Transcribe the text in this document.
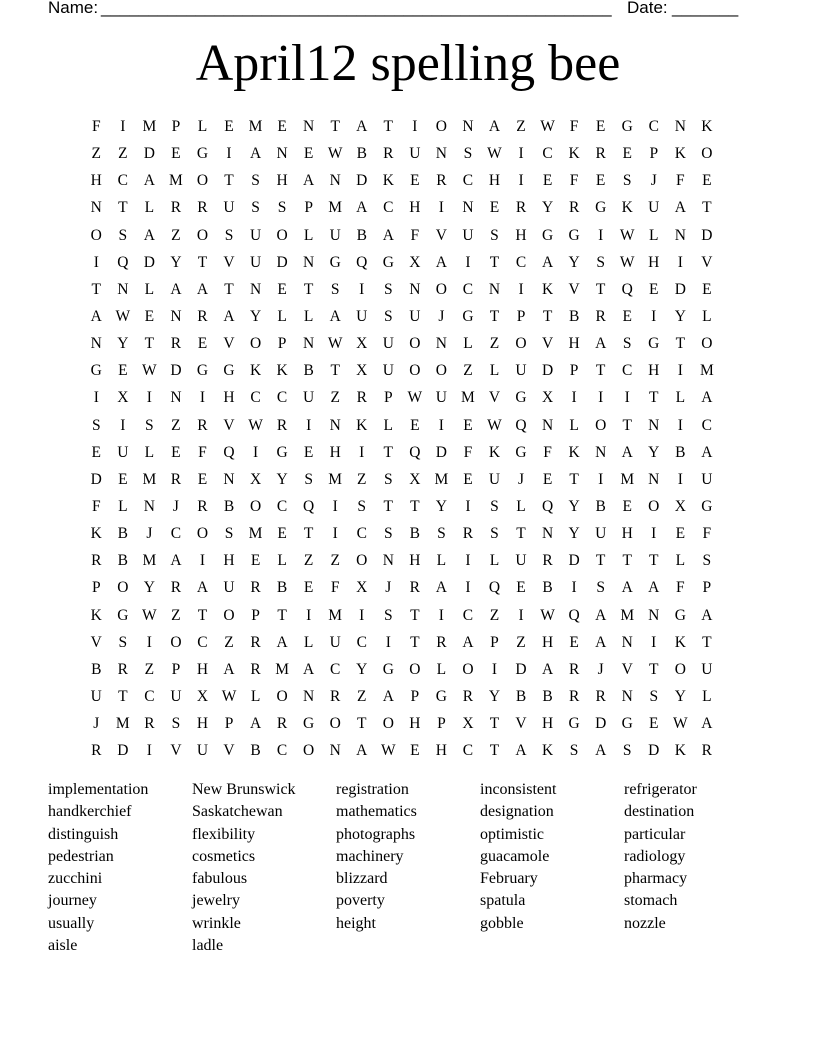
Name: ______________________________________________________ Date: _______
April12 spelling bee
F	I	M P	L	E M E	N	T	A	T	I	O N A	Z W F	E	G	C	N K
Z	Z	D	E	G	I	A N	E W B	R	U N	S W	I	C	K	R	E	P	K O
H	C	A M O	T	S	H A N D K	E	R	C	H	I	E	F	E	S	J	F	E
N	T	L	R	R	U	S	S	P M A	C	H	I	N	E	R	Y	R	G K U A	T
O	S	A	Z	O	S	U O	L	U	B	A	F	V U	S	H G G	I	W L	N D
I	Q D Y	T	V U D N G Q G X A	I	T	C	A Y	S W H	I	V
T	N	L	A A	T	N	E	T	S	I	S	N O	C	N	I	K V	T	Q	E	D	E
A W E	N	R	A Y	L	L	A U	S	U	J	G	T	P	T	B	R	E	I	Y	L
N Y	T	R	E	V O	P	N W X U O N	L	Z	O V H A	S	G	T	O
G	E W D G G K K	B	T	X U O O	Z	L	U D	P	T	C	H	I	M
I	X	I	N	I	H	C	C	U	Z	R	P W U M V G X	I	I	I	T	L	A
S	I	S	Z	R	V W R	I	N K	L	E	I	E W Q N	L	O	T	N	I	C
E	U	L	E	F	Q	I	G	E	H	I	T	Q D	F	K G	F	K N A Y	B	A
D	E M R	E	N X Y	S M Z	S	X M E	U	J	E	T	I	M N	I	U
F	L	N	J	R	B	O	C	Q	I	S	T	T	Y	I	S	L	Q Y	B	E	O X G
K	B	J	C	O	S M E	T	I	C	S	B	S	R	S	T	N Y U H	I	E	F
R	B M A	I	H	E	L	Z	Z	O N H	L	I	L	U	R	D	T	T	T	L	S
P	O Y	R	A U	R	B	E	F	X	J	R	A	I	Q	E	B	I	S	A A	F	P
K G W Z	T	O	P	T	I	M	I	S	T	I	C	Z	I	W Q A M N G A
V	S	I	O	C	Z	R	A	L	U	C	I	T	R	A	P	Z	H	E	A N	I	K	T
B	R	Z	P	H A	R M A	C	Y G O	L	O	I	D A	R	J	V	T	O U
U	T	C	U X W L	O N	R	Z	A	P	G	R	Y	B	B	R	R	N	S	Y	L
J	M R	S	H	P	A	R	G O	T	O H	P	X	T	V H G D G	E W A
R	D	I	V U V	B	C	O N A W E	H	C	T	A K	S	A	S	D K	R
implementation
handkerchief
distinguish
pedestrian
zucchini
journey
usually
aisle
New Brunswick
Saskatchewan
flexibility
cosmetics
fabulous
jewelry
wrinkle
ladle
registration
mathematics
photographs
machinery
blizzard
poverty
height
inconsistent
designation
optimistic
guacamole
February
spatula
gobble
refrigerator
destination
particular
radiology
pharmacy
stomach
nozzle
